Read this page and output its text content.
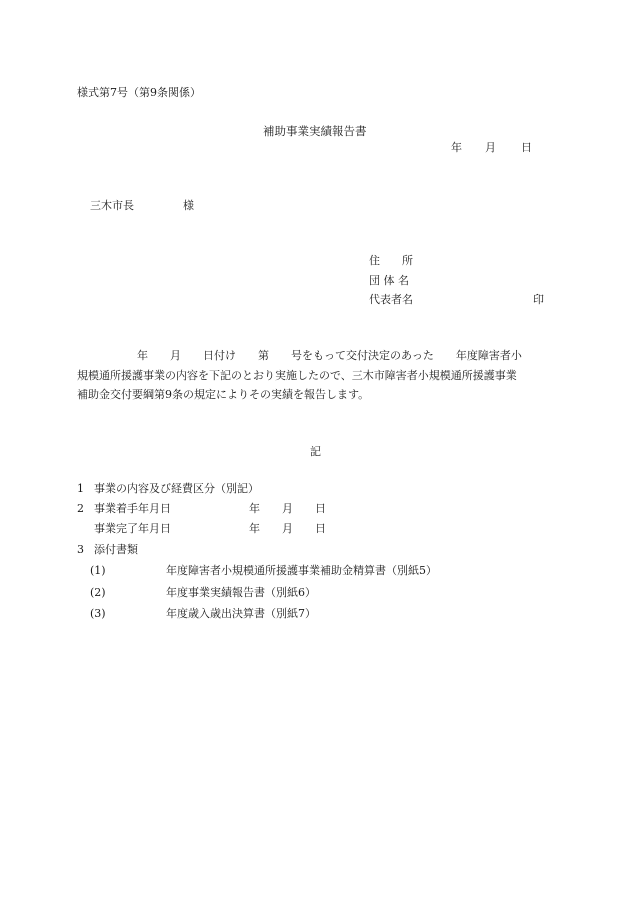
様式第7号（第9条関係）
補助事業実績報告書
年 月 日
三木市長	様
住　　所
団 体 名
代表者名	印
年　　月　　日付け　　第　　号をもって交付決定のあった　　年度障害者小
規模通所援護事業の内容を下記のとおり実施したので、三木市障害者小規模通所援護事業
補助金交付要綱第9条の規定によりその実績を報告します。
記
1 事業の内容及び経費区分（別記）
2 事業着手年月日	年　　月　　日
事業完了年月日	年　　月　　日
3 添付書類
(1)	年度障害者小規模通所援護事業補助金精算書（別紙5）
(2)	年度事業実績報告書（別紙6）
(3)	年度歳入歳出決算書（別紙7）
